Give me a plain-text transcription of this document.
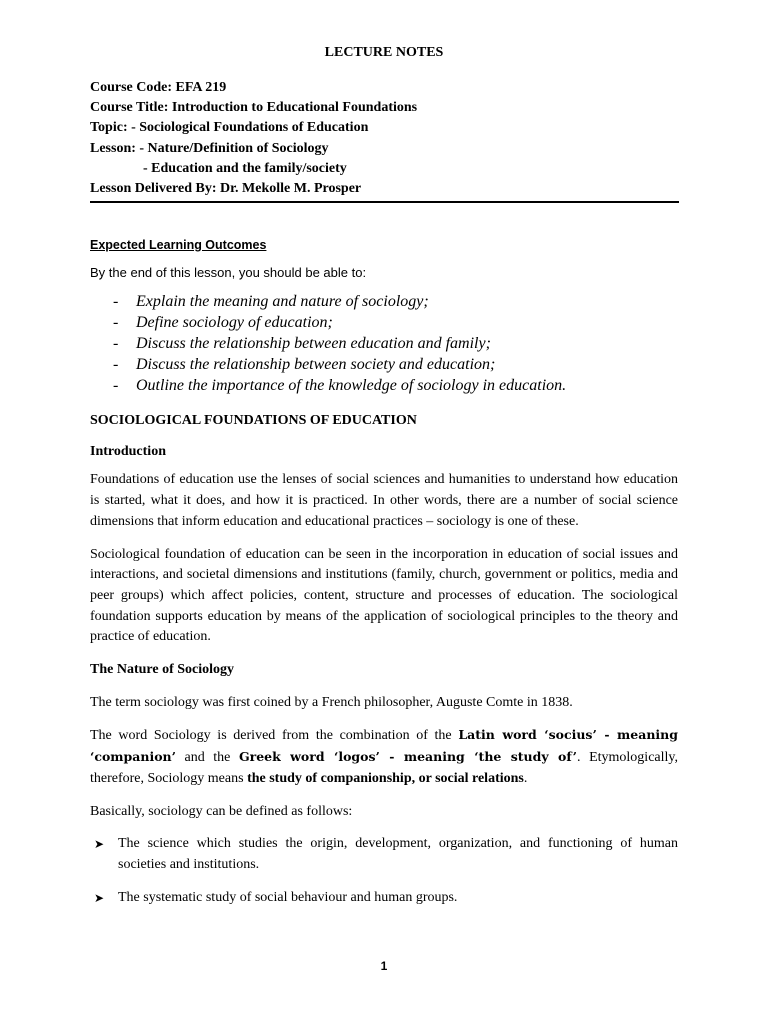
LECTURE NOTES
Course Code: EFA 219
Course Title: Introduction to Educational Foundations
Topic: - Sociological Foundations of Education
Lesson: - Nature/Definition of Sociology
- Education and the family/society
Lesson Delivered By: Dr. Mekolle M. Prosper
Expected Learning Outcomes
By the end of this lesson, you should be able to:
- Explain the meaning and nature of sociology;
- Define sociology of education;
- Discuss the relationship between education and family;
- Discuss the relationship between society and education;
- Outline the importance of the knowledge of sociology in education.

SOCIOLOGICAL FOUNDATIONS OF EDUCATION

Introduction

Foundations of education use the lenses of social sciences and humanities to understand how education is started, what it does, and how it is practiced. In other words, there are a number of social science dimensions that inform education and educational practices – sociology is one of these.

Sociological foundation of education can be seen in the incorporation in education of social issues and interactions, and societal dimensions and institutions (family, church, government or politics, media and peer groups) which affect policies, content, structure and processes of education. The sociological foundation supports education by means of the application of sociological principles to the theory and practice of education.

The Nature of Sociology

The term sociology was first coined by a French philosopher, Auguste Comte in 1838.

The word Sociology is derived from the combination of the Latin word ‘socius’ - meaning ‘companion’ and the Greek word ‘logos’ - meaning ‘the study of’. Etymologically, therefore, Sociology means the study of companionship, or social relations.

Basically, sociology can be defined as follows:

➤ The science which studies the origin, development, organization, and functioning of human societies and institutions.
➤ The systematic study of social behaviour and human groups.
1
